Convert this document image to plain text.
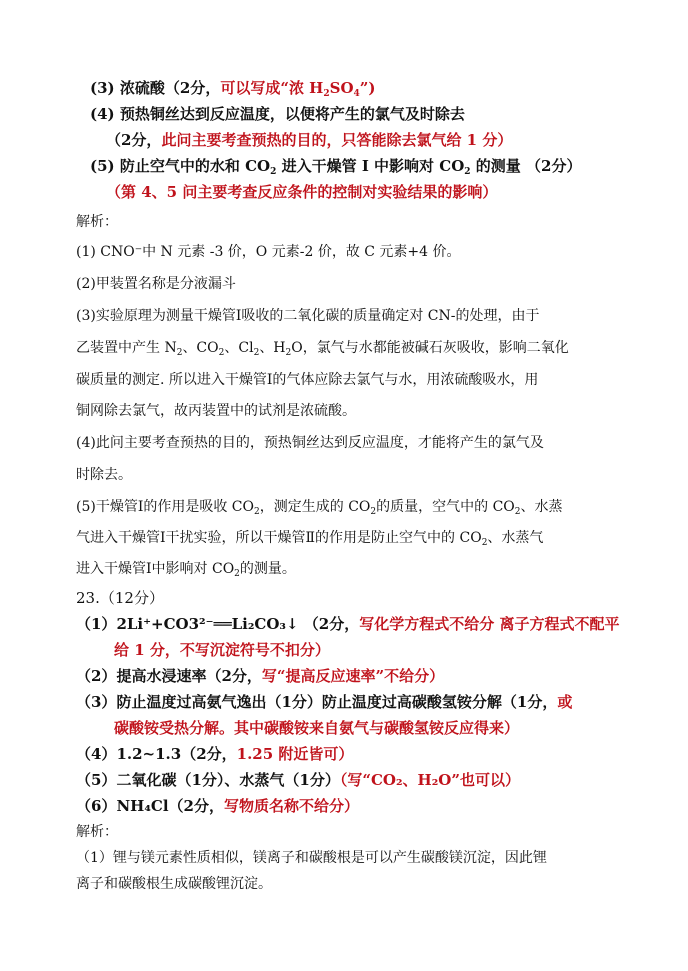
(3) 浓硫酸（2分，可以写成“浓 $H_2SO_4$”)
(4) 预热铜丝达到反应温度，以便将产生的氯气及时除去
（2分，此问主要考查预热的目的，只答能除去氯气给 1 分）
(5) 防止空气中的水和 $CO_2$ 进入干燥管 I 中影响对 $CO_2$ 的测量 （2分）
（第 4、5 问主要考查反应条件的控制对实验结果的影响）
解析：
(1) CNO⁻中 N 元素 -3 价，O 元素-2 价，故 C 元素+4 价。
(2)甲装置名称是分液漏斗
(3)实验原理为测量干燥管Ⅰ吸收的二氧化碳的质量确定对 CN-的处理，由于
乙装置中产生 $N_2$、$CO_2$、$Cl_2$、$H_2O$，氯气与水都能被碱石灰吸收，影响二氧化
碳质量的测定. 所以进入干燥管Ⅰ的气体应除去氯气与水，用浓硫酸吸水，用
铜网除去氯气，故丙装置中的试剂是浓硫酸。
(4)此问主要考查预热的目的，预热铜丝达到反应温度，才能将产生的氯气及
时除去。
(5)干燥管Ⅰ的作用是吸收 $CO_2$，测定生成的 $CO_2$的质量，空气中的 $CO_2$、水蒸
气进入干燥管Ⅰ干扰实验，所以干燥管Ⅱ的作用是防止空气中的 $CO_2$、水蒸气
进入干燥管Ⅰ中影响对 $CO_2$的测量。
23.（12分）
（1）2Li⁺+CO3²⁻══Li₂CO₃↓ （2分，写化学方程式不给分 离子方程式不配平
给 1 分，不写沉淀符号不扣分）
（2）提高水浸速率（2分，写“提高反应速率”不给分）
（3）防止温度过高氨气逸出（1分）防止温度过高碳酸氢铵分解（1分，或
碳酸铵受热分解。其中碳酸铵来自氨气与碳酸氢铵反应得来）
（4）1.2~1.3（2分，1.25 附近皆可）
（5）二氧化碳（1分）、水蒸气（1分）（写“CO₂、H₂O”也可以）
（6）NH₄Cl（2分，写物质名称不给分）
解析：
（1）锂与镁元素性质相似，镁离子和碳酸根是可以产生碳酸镁沉淀，因此锂
离子和碳酸根生成碳酸锂沉淀。
